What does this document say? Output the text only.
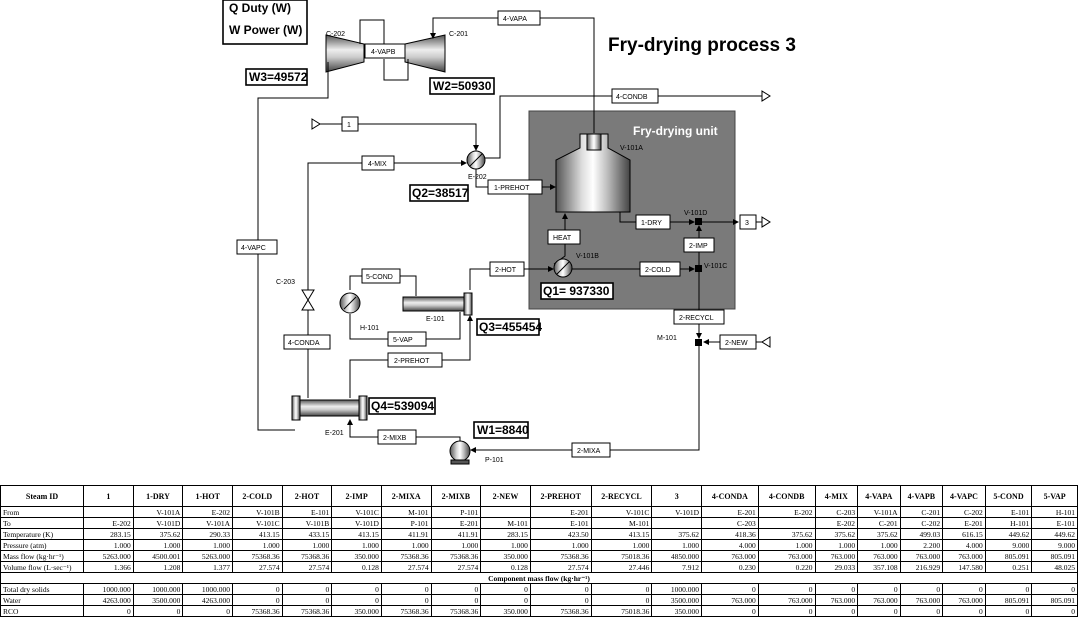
Fry-drying process 3
Q Duty (W)
W Power (W)
Fry-drying unit
C-202	C-201
4-VAPB
4-VAPA
W3=49572
W2=50930
4-VAPC
4-CONDB
1
E-202
4-MIX
Q2=38517	1-PREHOT
V-101A
1-DRY
V-101D
3
HEAT
2-IMP
V-101B
2-HOT	2-COLD
V-101C
Q1= 937330
C-203
5-COND
H-101
E-101
5-VAP
Q3=455454
4-CONDA
2-PREHOT
2-RECYCL
M-101
2-NEW
E-201
Q4=539094
2-MIXB
W1=8840
P-101
2-MIXA
Steam ID	1	1-DRY	1-HOT	2-COLD	2-HOT	2-IMP	2-MIXA	2-MIXB	2-NEW	2-PREHOT	2-RECYCL	3	4-CONDA	4-CONDB	4-MIX	4-VAPA	4-VAPB	4-VAPC	5-COND	5-VAP
From		V-101A	E-202	V-101B	E-101	V-101C	M-101	P-101		E-201	V-101C	V-101D	E-201	E-202	C-203	V-101A	C-201	C-202	E-101	H-101
To	E-202	V-101D	V-101A	V-101C	V-101B	V-101D	P-101	E-201	M-101	E-101	M-101		C-203		E-202	C-201	C-202	E-201	H-101	E-101
Temperature (K)	283.15	375.62	290.33	413.15	433.15	413.15	411.91	411.91	283.15	423.50	413.15	375.62	418.36	375.62	375.62	375.62	499.03	616.15	449.62	449.62
Pressure (atm)	1.000	1.000	1.000	1.000	1.000	1.000	1.000	1.000	1.000	1.000	1.000	1.000	4.000	1.000	1.000	1.000	2.200	4.000	9.000	9.000
Mass flow (kg·hr⁻¹)	5263.000	4500.001	5263.000	75368.36	75368.36	350.000	75368.36	75368.36	350.000	75368.36	75018.36	4850.000	763.000	763.000	763.000	763.000	763.000	763.000	805.091	805.091
Volume flow (L·sec⁻¹)	1.366	1.208	1.377	27.574	27.574	0.128	27.574	27.574	0.128	27.574	27.446	7.912	0.230	0.220	29.033	357.108	216.929	147.580	0.251	48.025
Component mass flow (kg·hr⁻¹)																				
Total dry solids	1000.000	1000.000	1000.000	0	0	0	0	0	0	0	0	1000.000	0	0	0	0	0	0	0	0
Water	4263.000	3500.000	4263.000	0	0	0	0	0	0	0	0	3500.000	763.000	763.000	763.000	763.000	763.000	763.000	805.091	805.091
RCO	0	0	0	75368.36	75368.36	350.000	75368.36	75368.36	350.000	75368.36	75018.36	350.000	0	0	0	0	0	0	0	0
